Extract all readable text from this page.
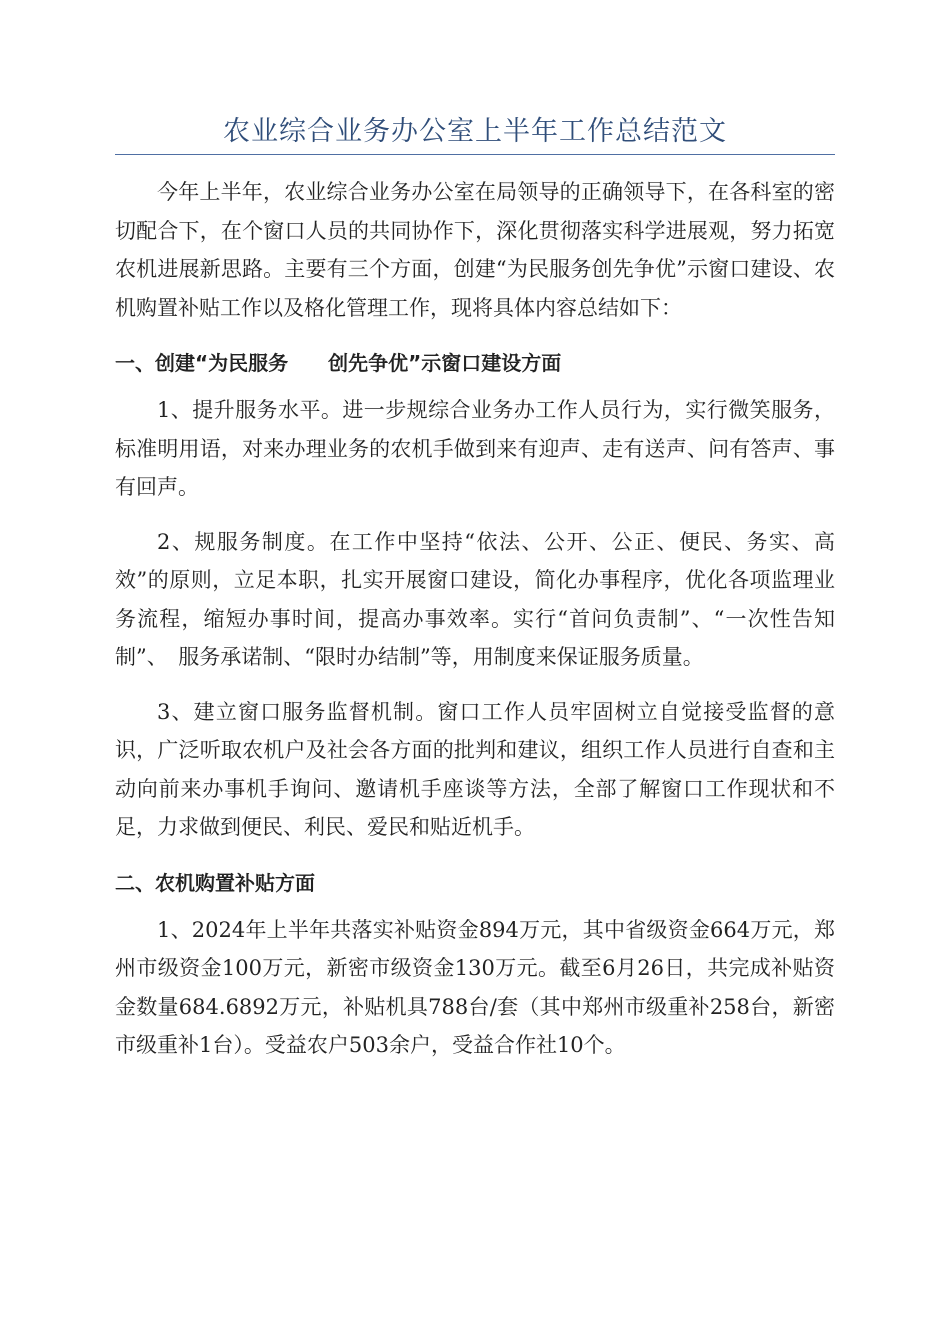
农业综合业务办公室上半年工作总结范文

今年上半年，农业综合业务办公室在局领导的正确领导下，在各科室的密切配合下，在个窗口人员的共同协作下，深化贯彻落实科学进展观，努力拓宽农机进展新思路。主要有三个方面，创建“为民服务创先争优”示窗口建设、农机购置补贴工作以及格化管理工作，现将具体内容总结如下：

一、创建“为民服务　　创先争优”示窗口建设方面

1、提升服务水平。进一步规综合业务办工作人员行为，实行微笑服务，标准明用语，对来办理业务的农机手做到来有迎声、走有送声、问有答声、事有回声。

2、规服务制度。在工作中坚持“依法、公开、公正、便民、务实、高效”的原则，立足本职，扎实开展窗口建设，简化办事程序，优化各项监理业务流程，缩短办事时间，提高办事效率。实行“首问负责制”、“一次性告知制”、　服务承诺制、“限时办结制”等，用制度来保证服务质量。

3、建立窗口服务监督机制。窗口工作人员牢固树立自觉接受监督的意识，广泛听取农机户及社会各方面的批判和建议，组织工作人员进行自查和主动向前来办事机手询问、邀请机手座谈等方法，全部了解窗口工作现状和不足，力求做到便民、利民、爱民和贴近机手。

二、农机购置补贴方面

1、2024年上半年共落实补贴资金894万元，其中省级资金664万元，郑州市级资金100万元，新密市级资金130万元。截至6月26日，共完成补贴资金数量684.6892万元，补贴机具788台/套（其中郑州市级重补258台，新密市级重补1台）。受益农户503余户，受益合作社10个。
